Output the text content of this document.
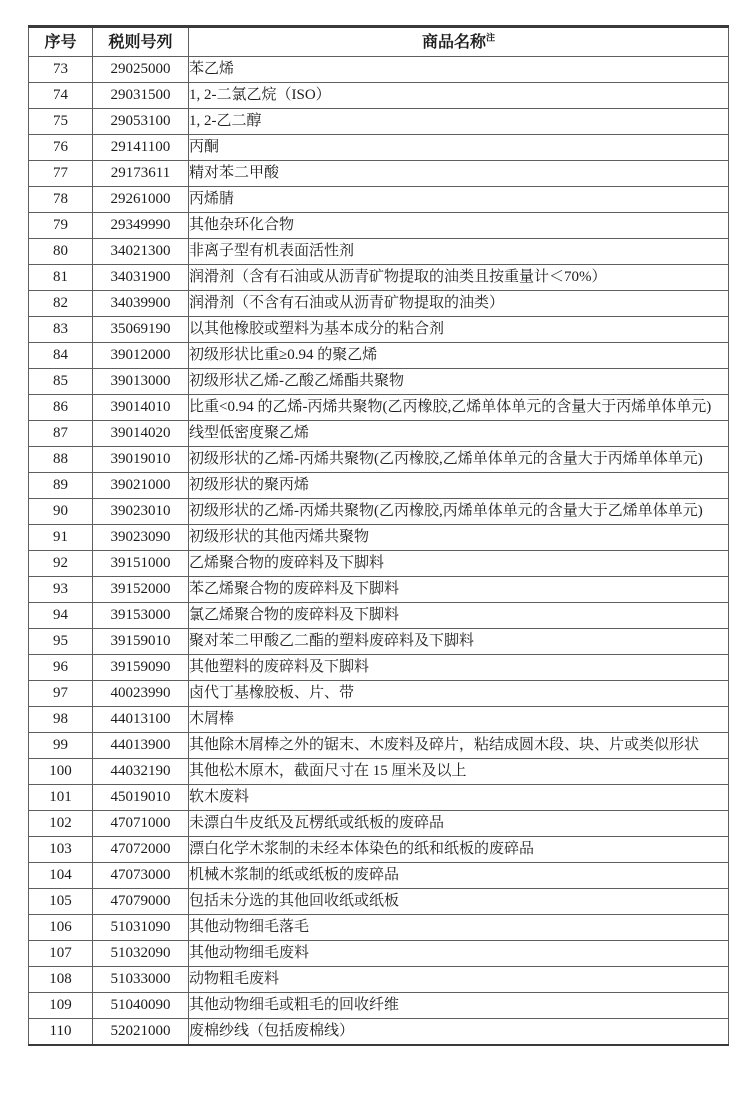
序号	税则号列	商品名称$^注$
73	29025000	苯乙烯
74	29031500	1, 2-二氯乙烷（ISO）
75	29053100	1, 2-乙二醇
76	29141100	丙酮
77	29173611	精对苯二甲酸
78	29261000	丙烯腈
79	29349990	其他杂环化合物
80	34021300	非离子型有机表面活性剂
81	34031900	润滑剂（含有石油或从沥青矿物提取的油类且按重量计＜70%）
82	34039900	润滑剂（不含有石油或从沥青矿物提取的油类）
83	35069190	以其他橡胶或塑料为基本成分的粘合剂
84	39012000	初级形状比重≥0.94 的聚乙烯
85	39013000	初级形状乙烯-乙酸乙烯酯共聚物
86	39014010	比重<0.94 的乙烯-丙烯共聚物(乙丙橡胶,乙烯单体单元的含量大于丙烯单体单元)
87	39014020	线型低密度聚乙烯
88	39019010	初级形状的乙烯-丙烯共聚物(乙丙橡胶,乙烯单体单元的含量大于丙烯单体单元)
89	39021000	初级形状的聚丙烯
90	39023010	初级形状的乙烯-丙烯共聚物(乙丙橡胶,丙烯单体单元的含量大于乙烯单体单元)
91	39023090	初级形状的其他丙烯共聚物
92	39151000	乙烯聚合物的废碎料及下脚料
93	39152000	苯乙烯聚合物的废碎料及下脚料
94	39153000	氯乙烯聚合物的废碎料及下脚料
95	39159010	聚对苯二甲酸乙二酯的塑料废碎料及下脚料
96	39159090	其他塑料的废碎料及下脚料
97	40023990	卤代丁基橡胶板、片、带
98	44013100	木屑棒
99	44013900	其他除木屑棒之外的锯末、木废料及碎片，粘结成圆木段、块、片或类似形状
100	44032190	其他松木原木，截面尺寸在 15 厘米及以上
101	45019010	软木废料
102	47071000	未漂白牛皮纸及瓦楞纸或纸板的废碎品
103	47072000	漂白化学木浆制的未经本体染色的纸和纸板的废碎品
104	47073000	机械木浆制的纸或纸板的废碎品
105	47079000	包括未分选的其他回收纸或纸板
106	51031090	其他动物细毛落毛
107	51032090	其他动物细毛废料
108	51033000	动物粗毛废料
109	51040090	其他动物细毛或粗毛的回收纤维
110	52021000	废棉纱线（包括废棉线）
